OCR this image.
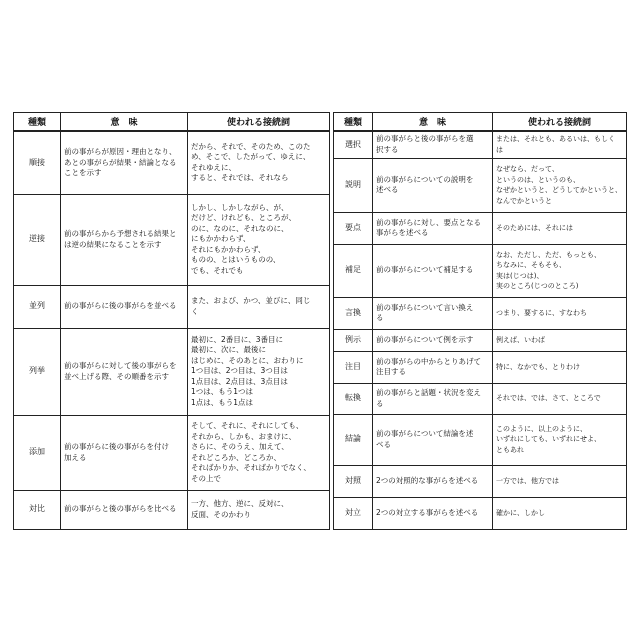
種類	意　味	使われる接続詞
順接	前の事がらが原因・理由となり、
あとの事がらが結果・結論となる
ことを示す	だから、それで、そのため、このた
め、そこで、したがって、ゆえに、
それゆえに、
すると、それでは、それなら
逆接	前の事がらから予想される結果と
は逆の結果になることを示す	しかし、しかしながら、が、
だけど、けれども、ところが、
のに、なのに、それなのに、
にもかかわらず、
それにもかかわらず、
ものの、とはいうものの、
でも、それでも
並列	前の事がらに後の事がらを並べる	また、および、かつ、並びに、同じ
く
列挙	前の事がらに対して後の事がらを
並べ上げる際、その順番を示す	最初に、2番目に、3番目に
最初に、次に、最後に
はじめに、そのあとに、おわりに
1つ目は、2つ目は、3つ目は
1点目は、2点目は、3点目は
1つは、もう1つは
1点は、もう1点は
添加	前の事がらに後の事がらを付け
加える	そして、それに、それにしても、
それから、しかも、おまけに、
さらに、そのうえ、加えて、
それどころか、どころか、
そればかりか、そればかりでなく、
その上で
対比	前の事がらと後の事がらを比べる	一方、他方、逆に、反対に、
反面、そのかわり
種類	意　味	使われる接続詞
選択	前の事がらと後の事がらを選
択する	または、それとも、あるいは、もしく
は
説明	前の事がらについての説明を
述べる	なぜなら、だって、
というのは、というのも、
なぜかというと、どうしてかというと、
なんでかというと
要点	前の事がらに対し、要点となる
事がらを述べる	そのためには、それには
補足	前の事がらについて補足する	なお、ただし、ただ、もっとも、
ちなみに、そもそも、
実は(じつは)、
実のところ(じつのところ)
言換	前の事がらについて言い換え
る	つまり、要するに、すなわち
例示	前の事がらについて例を示す	例えば、いわば
注目	前の事がらの中からとりあげて
注目する	特に、なかでも、とりわけ
転換	前の事がらと話題・状況を変え
る	それでは、では、さて、ところで
結論	前の事がらについて結論を述
べる	このように、以上のように、
いずれにしても、いずれにせよ、
ともあれ
対照	2つの対照的な事がらを述べる	一方では、他方では
対立	2つの対立する事がらを述べる	確かに、しかし
